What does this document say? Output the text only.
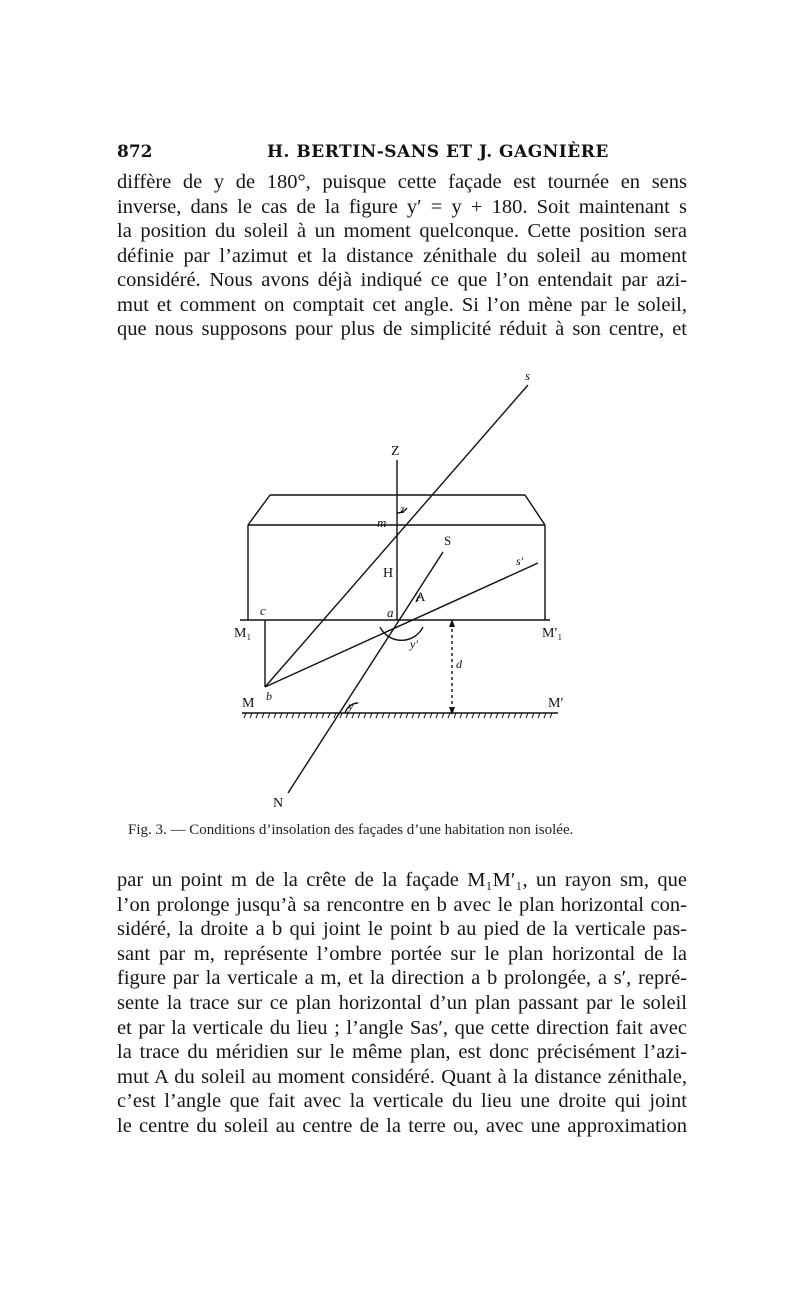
872	H. BERTIN-SANS ET J. GAGNIÈRE
diffère de y de 180°, puisque cette façade est tournée en sens
inverse, dans le cas de la figure y′ = y + 180. Soit maintenant s
la position du soleil à un moment quelconque. Cette position sera
définie par l’azimut et la distance zénithale du soleil au moment
considéré. Nous avons déjà indiqué ce que l’on entendait par azi-
mut et comment on comptait cet angle. Si l’on mène par le soleil,
que nous supposons pour plus de simplicité réduit à son centre, et
s
Z
z
m
S
s′
H
A
c	a
M₁	M′₁
y′
d
b
M	M′
y
N
Fig. 3. — Conditions d’insolation des façades d’une habitation non isolée.
par un point m de la crête de la façade M₁M′₁, un rayon sm, que
l’on prolonge jusqu’à sa rencontre en b avec le plan horizontal con-
sidéré, la droite a b qui joint le point b au pied de la verticale pas-
sant par m, représente l’ombre portée sur le plan horizontal de la
figure par la verticale a m, et la direction a b prolongée, a s′, repré-
sente la trace sur ce plan horizontal d’un plan passant par le soleil
et par la verticale du lieu ; l’angle Sas′, que cette direction fait avec
la trace du méridien sur le même plan, est donc précisément l’azi-
mut A du soleil au moment considéré. Quant à la distance zénithale,
c’est l’angle que fait avec la verticale du lieu une droite qui joint
le centre du soleil au centre de la terre ou, avec une approximation
